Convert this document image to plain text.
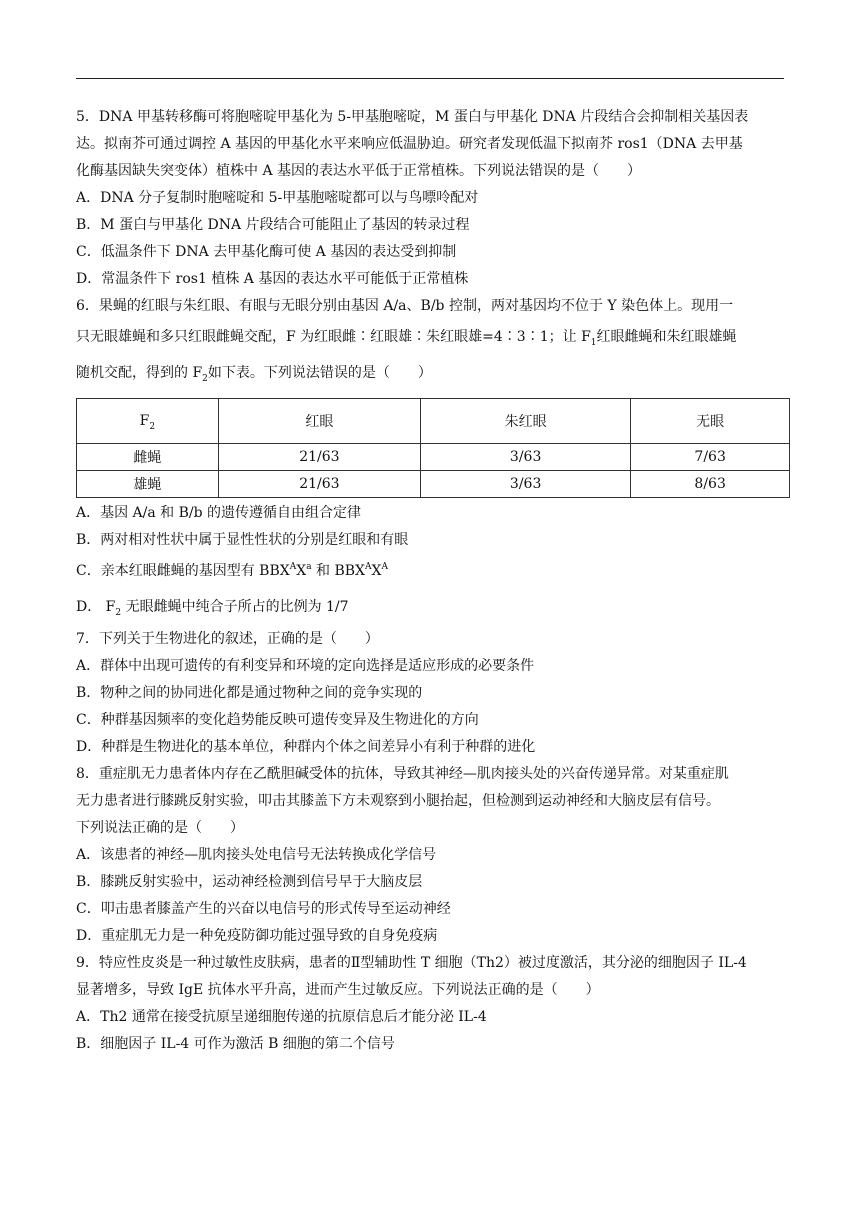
5．DNA 甲基转移酶可将胞嘧啶甲基化为 5-甲基胞嘧啶，M 蛋白与甲基化 DNA 片段结合会抑制相关基因表

达。拟南芥可通过调控 A 基因的甲基化水平来响应低温胁迫。研究者发现低温下拟南芥 ros1（DNA 去甲基

化酶基因缺失突变体）植株中 A 基因的表达水平低于正常植株。下列说法错误的是（　　）

A．DNA 分子复制时胞嘧啶和 5-甲基胞嘧啶都可以与鸟嘌呤配对

B．M 蛋白与甲基化 DNA 片段结合可能阻止了基因的转录过程

C．低温条件下 DNA 去甲基化酶可使 A 基因的表达受到抑制

D．常温条件下 ros1 植株 A 基因的表达水平可能低于正常植株

6．果蝇的红眼与朱红眼、有眼与无眼分别由基因 A/a、B/b 控制，两对基因均不位于 Y 染色体上。现用一

只无眼雄蝇和多只红眼雌蝇交配，F 为红眼雌∶红眼雄∶朱红眼雄=4∶3∶1；让 $F_1$红眼雌蝇和朱红眼雄蝇

随机交配，得到的 $F_2$如下表。下列说法错误的是（　　）

$F_2$	红眼	朱红眼	无眼
雌蝇	21/63	3/63	7/63
雄蝇	21/63	3/63	8/63

A．基因 A/a 和 B/b 的遗传遵循自由组合定律

B．两对相对性状中属于显性性状的分别是红眼和有眼

C．亲本红眼雌蝇的基因型有 $BBX^AX^a$ 和 $BBX^AX^A$

D． $F_2$ 无眼雌蝇中纯合子所占的比例为 1/7

7．下列关于生物进化的叙述，正确的是（　　）

A．群体中出现可遗传的有利变异和环境的定向选择是适应形成的必要条件

B．物种之间的协同进化都是通过物种之间的竞争实现的

C．种群基因频率的变化趋势能反映可遗传变异及生物进化的方向

D．种群是生物进化的基本单位，种群内个体之间差异小有利于种群的进化

8．重症肌无力患者体内存在乙酰胆碱受体的抗体，导致其神经—肌肉接头处的兴奋传递异常。对某重症肌

无力患者进行膝跳反射实验，叩击其膝盖下方未观察到小腿抬起，但检测到运动神经和大脑皮层有信号。

下列说法正确的是（　　）

A．该患者的神经—肌肉接头处电信号无法转换成化学信号

B．膝跳反射实验中，运动神经检测到信号早于大脑皮层

C．叩击患者膝盖产生的兴奋以电信号的形式传导至运动神经

D．重症肌无力是一种免疫防御功能过强导致的自身免疫病

9．特应性皮炎是一种过敏性皮肤病，患者的Ⅱ型辅助性 T 细胞（Th2）被过度激活，其分泌的细胞因子 IL-4

显著增多，导致 IgE 抗体水平升高，进而产生过敏反应。下列说法正确的是（　　）

A．Th2 通常在接受抗原呈递细胞传递的抗原信息后才能分泌 IL-4

B．细胞因子 IL-4 可作为激活 B 细胞的第二个信号
